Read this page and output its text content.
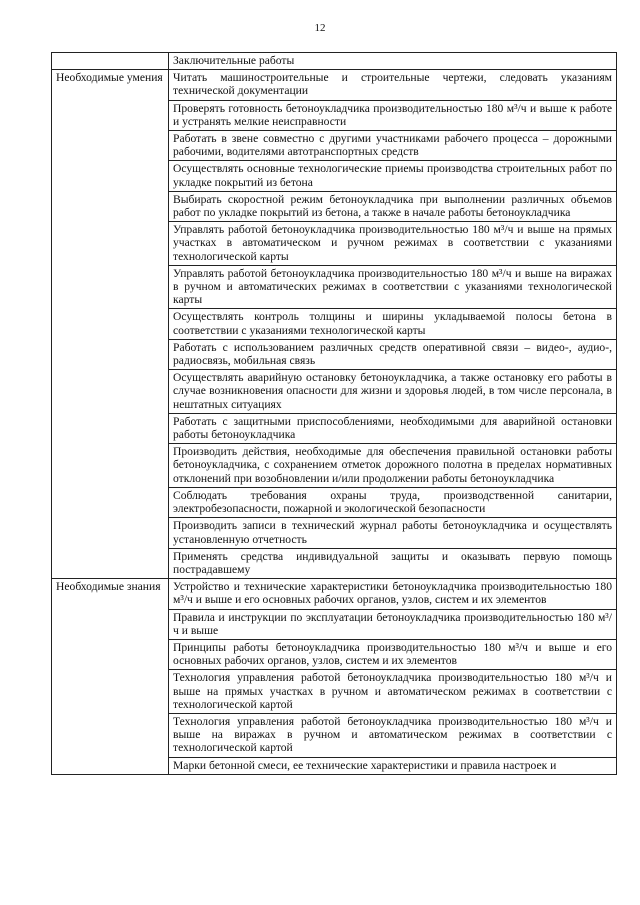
12
	Заключительные работы
Необходимые умения	Читать машиностроительные и строительные чертежи, следовать указаниям технической документации
	Проверять готовность бетоноукладчика производительностью 180 м³/ч и выше к работе и устранять мелкие неисправности
	Работать в звене совместно с другими участниками рабочего процесса – дорожными рабочими, водителями автотранспортных средств
	Осуществлять основные технологические приемы производства строительных работ по укладке покрытий из бетона
	Выбирать скоростной режим бетоноукладчика при выполнении различных объемов работ по укладке покрытий из бетона, а также в начале работы бетоноукладчика
	Управлять работой бетоноукладчика производительностью 180 м³/ч и выше на прямых участках в автоматическом и ручном режимах в соответствии с указаниями технологической карты
	Управлять работой бетоноукладчика производительностью 180 м³/ч и выше на виражах в ручном и автоматических режимах в соответствии с указаниями технологической карты
	Осуществлять контроль толщины и ширины укладываемой полосы бетона в соответствии с указаниями технологической карты
	Работать с использованием различных средств оперативной связи – видео-, аудио-, радиосвязь, мобильная связь
	Осуществлять аварийную остановку бетоноукладчика, а также остановку его работы в случае возникновения опасности для жизни и здоровья людей, в том числе персонала, в нештатных ситуациях
	Работать с защитными приспособлениями, необходимыми для аварийной остановки работы бетоноукладчика
	Производить действия, необходимые для обеспечения правильной остановки работы бетоноукладчика, с сохранением отметок дорожного полотна в пределах нормативных отклонений при возобновлении и/или продолжении работы бетоноукладчика
	Соблюдать требования охраны труда, производственной санитарии, электробезопасности, пожарной и экологической безопасности
	Производить записи в технический журнал работы бетоноукладчика и осуществлять установленную отчетность
	Применять средства индивидуальной защиты и оказывать первую помощь пострадавшему
Необходимые знания	Устройство и технические характеристики бетоноукладчика производительностью 180 м³/ч и выше и его основных рабочих органов, узлов, систем и их элементов
	Правила и инструкции по эксплуатации бетоноукладчика производительностью 180 м³/ч и выше
	Принципы работы бетоноукладчика производительностью 180 м³/ч и выше и его основных рабочих органов, узлов, систем и их элементов
	Технология управления работой бетоноукладчика производительностью 180 м³/ч и выше на прямых участках в ручном и автоматическом режимах в соответствии с технологической картой
	Технология управления работой бетоноукладчика производительностью 180 м³/ч и выше на виражах в ручном и автоматическом режимах в соответствии с технологической картой
	Марки бетонной смеси, ее технические характеристики и правила настроек и
